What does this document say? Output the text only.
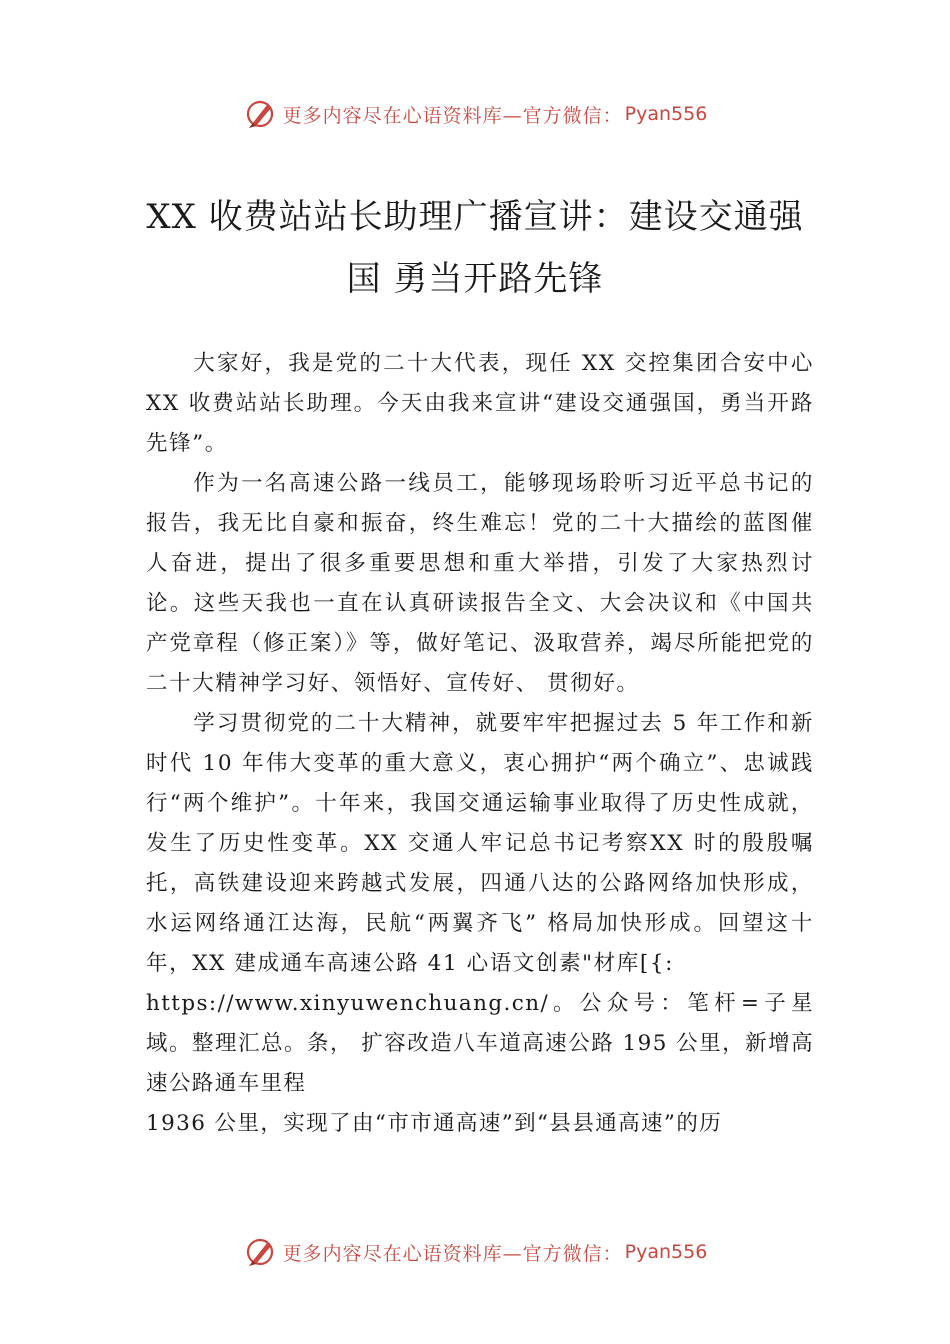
更多内容尽在心语资料库—官方微信： Pyan556
XX 收费站站长助理广播宣讲：建设交通强
国 勇当开路先锋

大家好，我是党的二十大代表，现任 XX 交控集团合安中心 XX 收费站站长助理。今天由我来宣讲“建设交通强国，勇当开路先锋”。

作为一名高速公路一线员工，能够现场聆听习近平总书记的报告，我无比自豪和振奋，终生难忘！党的二十大描绘的蓝图催人奋进，提出了很多重要思想和重大举措，引发了大家热烈讨论。这些天我也一直在认真研读报告全文、大会决议和《中国共产党章程（修正案）》等，做好笔记、汲取营养，竭尽所能把党的二十大精神学习好、领悟好、宣传好、 贯彻好。

学习贯彻党的二十大精神，就要牢牢把握过去 5 年工作和新时代 10 年伟大变革的重大意义，衷心拥护“两个确立”、忠诚践行“两个维护”。十年来，我国交通运输事业取得了历史性成就，发生了历史性变革。XX 交通人牢记总书记考察XX 时的殷殷嘱托，高铁建设迎来跨越式发展，四通八达的公路网络加快形成，水运网络通江达海，民航“两翼齐飞” 格局加快形成。回望这十年，XX 建成通车高速公路 41 心语文创素"材库[{:

https://www.xinyuwenchuang.cn/。公众号：笔杆=子星域。整理汇总。条， 扩容改造八车道高速公路 195 公里，新增高速公路通车里程

1936 公里，实现了由“市市通高速”到“县县通高速”的历

更多内容尽在心语资料库—官方微信： Pyan556
